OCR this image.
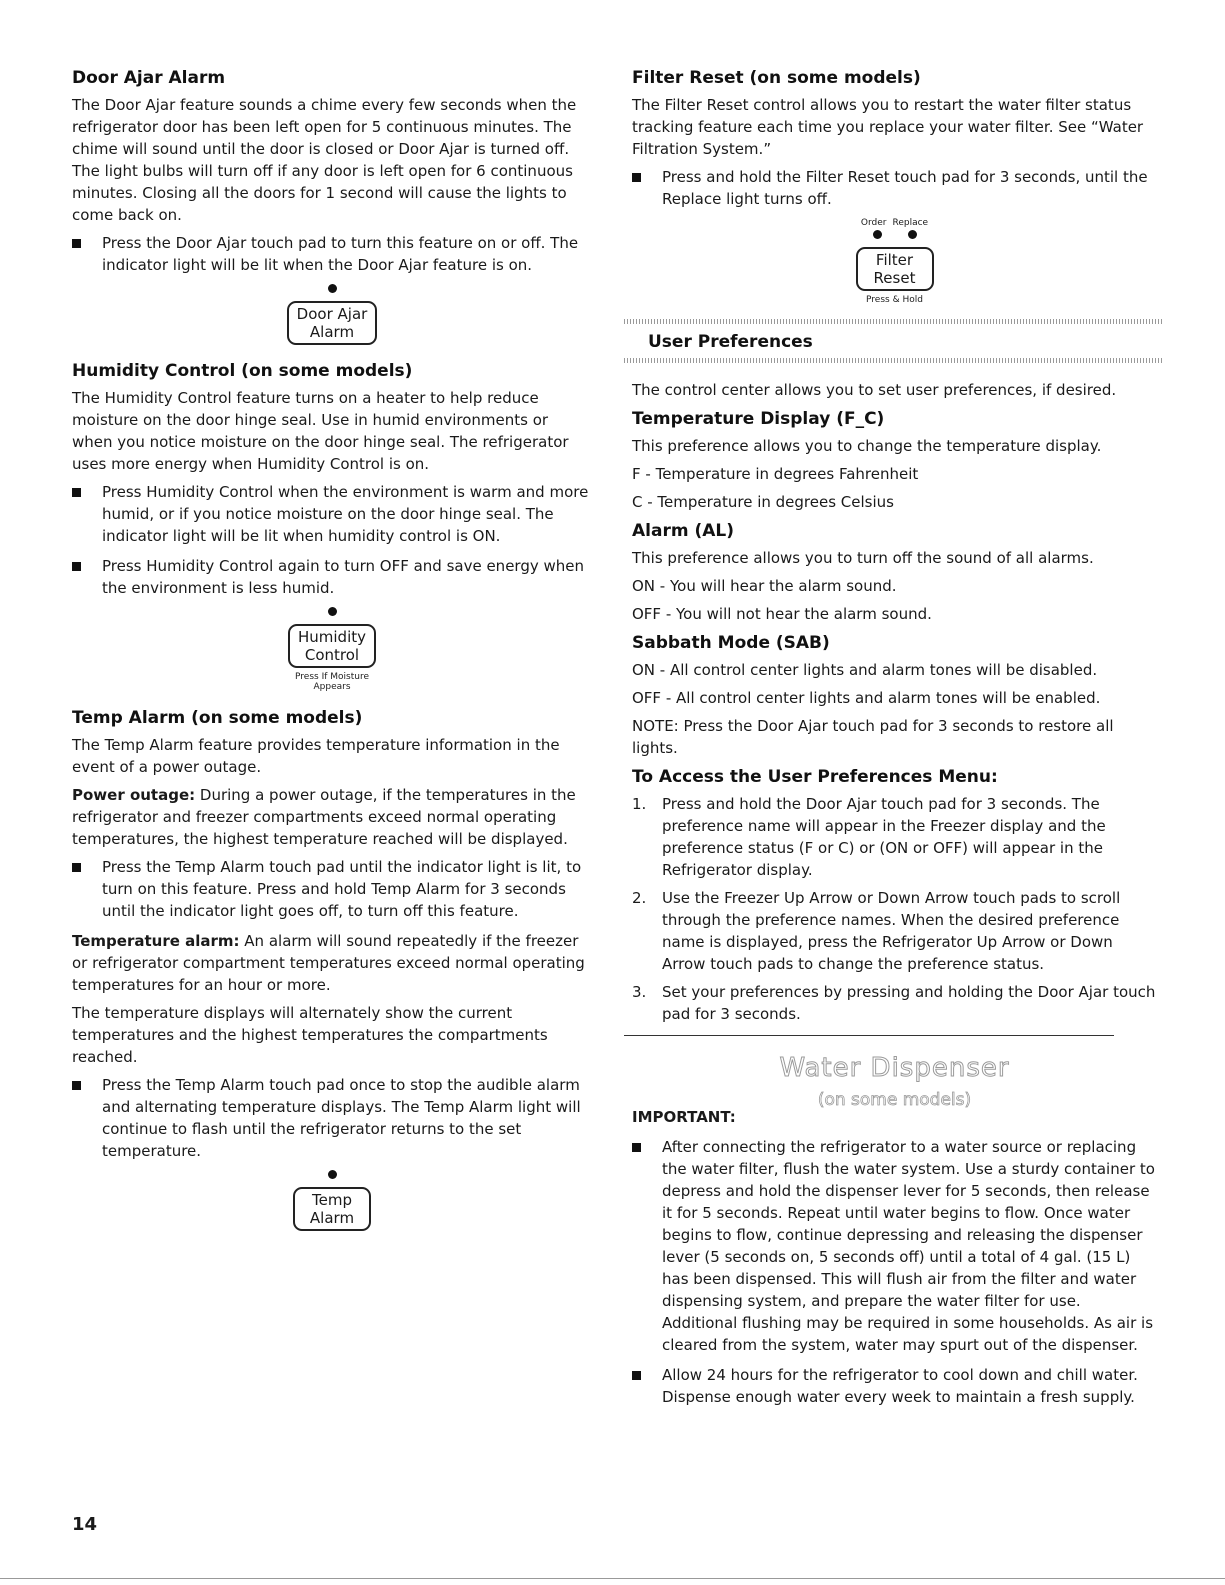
Door Ajar Alarm

The Door Ajar feature sounds a chime every few seconds when the refrigerator door has been left open for 5 continuous minutes. The chime will sound until the door is closed or Door Ajar is turned off. The light bulbs will turn off if any door is left open for 6 continuous minutes. Closing all the doors for 1 second will cause the lights to come back on.

Press the Door Ajar touch pad to turn this feature on or off. The indicator light will be lit when the Door Ajar feature is on.
Door Ajar
Alarm
Humidity Control (on some models)

The Humidity Control feature turns on a heater to help reduce moisture on the door hinge seal. Use in humid environments or when you notice moisture on the door hinge seal. The refrigerator uses more energy when Humidity Control is on.

Press Humidity Control when the environment is warm and more humid, or if you notice moisture on the door hinge seal. The indicator light will be lit when humidity control is ON.
Press Humidity Control again to turn OFF and save energy when the environment is less humid.
Humidity
Control
Press If Moisture
Appears
Temp Alarm (on some models)

The Temp Alarm feature provides temperature information in the event of a power outage.

Power outage: During a power outage, if the temperatures in the refrigerator and freezer compartments exceed normal operating temperatures, the highest temperature reached will be displayed.

Press the Temp Alarm touch pad until the indicator light is lit, to turn on this feature. Press and hold Temp Alarm for 3 seconds until the indicator light goes off, to turn off this feature.

Temperature alarm: An alarm will sound repeatedly if the freezer or refrigerator compartment temperatures exceed normal operating temperatures for an hour or more.

The temperature displays will alternately show the current temperatures and the highest temperatures the compartments reached.

Press the Temp Alarm touch pad once to stop the audible alarm and alternating temperature displays. The Temp Alarm light will continue to flash until the refrigerator returns to the set temperature.
Temp
Alarm
Filter Reset (on some models)

The Filter Reset control allows you to restart the water filter status tracking feature each time you replace your water filter. See “Water Filtration System.”

Press and hold the Filter Reset touch pad for 3 seconds, until the Replace light turns off.
Order Replace
Filter
Reset
Press & Hold
User Preferences

The control center allows you to set user preferences, if desired.

Temperature Display (F_C)

This preference allows you to change the temperature display.

F - Temperature in degrees Fahrenheit

C - Temperature in degrees Celsius

Alarm (AL)

This preference allows you to turn off the sound of all alarms.

ON - You will hear the alarm sound.

OFF - You will not hear the alarm sound.

Sabbath Mode (SAB)

ON - All control center lights and alarm tones will be disabled.

OFF - All control center lights and alarm tones will be enabled.

NOTE: Press the Door Ajar touch pad for 3 seconds to restore all lights.

To Access the User Preferences Menu:
1. Press and hold the Door Ajar touch pad for 3 seconds. The preference name will appear in the Freezer display and the preference status (F or C) or (ON or OFF) will appear in the Refrigerator display.
2. Use the Freezer Up Arrow or Down Arrow touch pads to scroll through the preference names. When the desired preference name is displayed, press the Refrigerator Up Arrow or Down Arrow touch pads to change the preference status.
3. Set your preferences by pressing and holding the Door Ajar touch pad for 3 seconds.
Water Dispenser
(on some models)
IMPORTANT:
After connecting the refrigerator to a water source or replacing the water filter, flush the water system. Use a sturdy container to depress and hold the dispenser lever for 5 seconds, then release it for 5 seconds. Repeat until water begins to flow. Once water begins to flow, continue depressing and releasing the dispenser lever (5 seconds on, 5 seconds off) until a total of 4 gal. (15 L) has been dispensed. This will flush air from the filter and water dispensing system, and prepare the water filter for use. Additional flushing may be required in some households. As air is cleared from the system, water may spurt out of the dispenser.
Allow 24 hours for the refrigerator to cool down and chill water. Dispense enough water every week to maintain a fresh supply.
14
